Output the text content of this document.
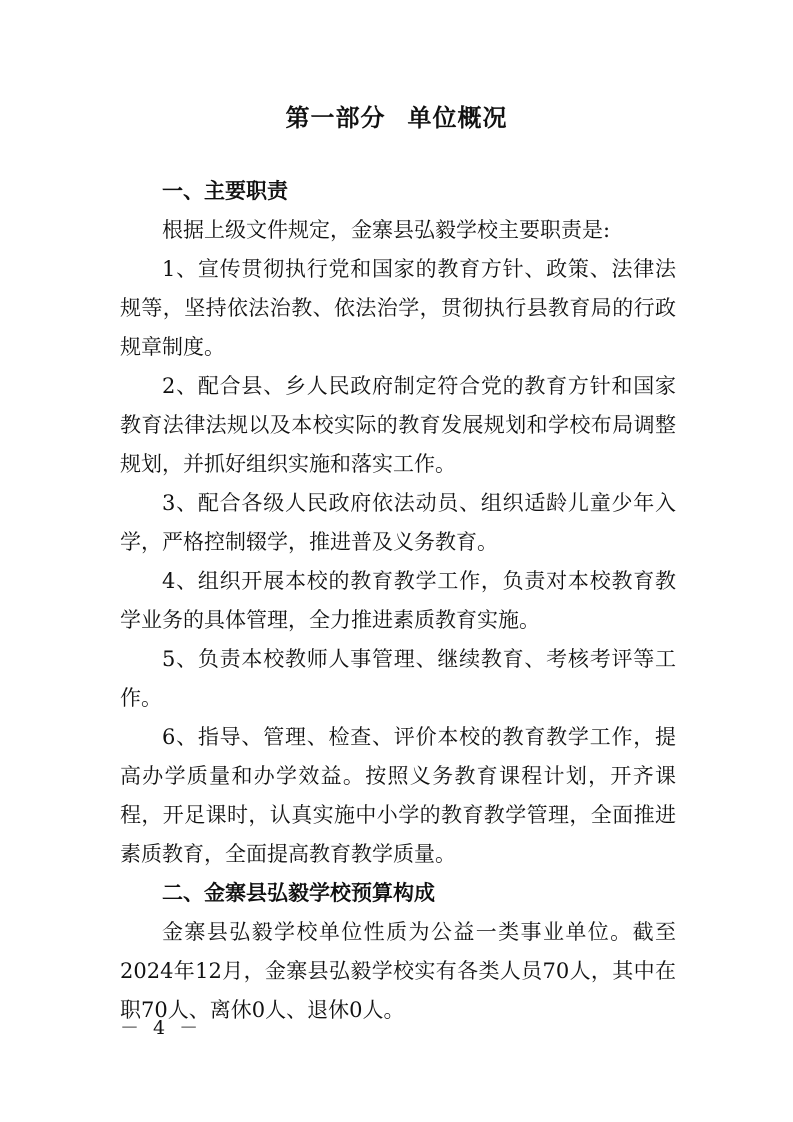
第一部分 单位概况

一、主要职责

根据上级文件规定，金寨县弘毅学校主要职责是:

1、宣传贯彻执行党和国家的教育方针、政策、法律法规等，坚持依法治教、依法治学，贯彻执行县教育局的行政规章制度。

2、配合县、乡人民政府制定符合党的教育方针和国家教育法律法规以及本校实际的教育发展规划和学校布局调整规划，并抓好组织实施和落实工作。

3、配合各级人民政府依法动员、组织适龄儿童少年入学，严格控制辍学，推进普及义务教育。

4、组织开展本校的教育教学工作，负责对本校教育教学业务的具体管理，全力推进素质教育实施。

5、负责本校教师人事管理、继续教育、考核考评等工作。

6、指导、管理、检查、评价本校的教育教学工作，提高办学质量和办学效益。按照义务教育课程计划，开齐课程，开足课时，认真实施中小学的教育教学管理，全面推进素质教育，全面提高教育教学质量。

二、金寨县弘毅学校预算构成

金寨县弘毅学校单位性质为公益一类事业单位。截至2024年12月，金寨县弘毅学校实有各类人员70人，其中在职70人、离休0人、退休0人。

－ 4 －
